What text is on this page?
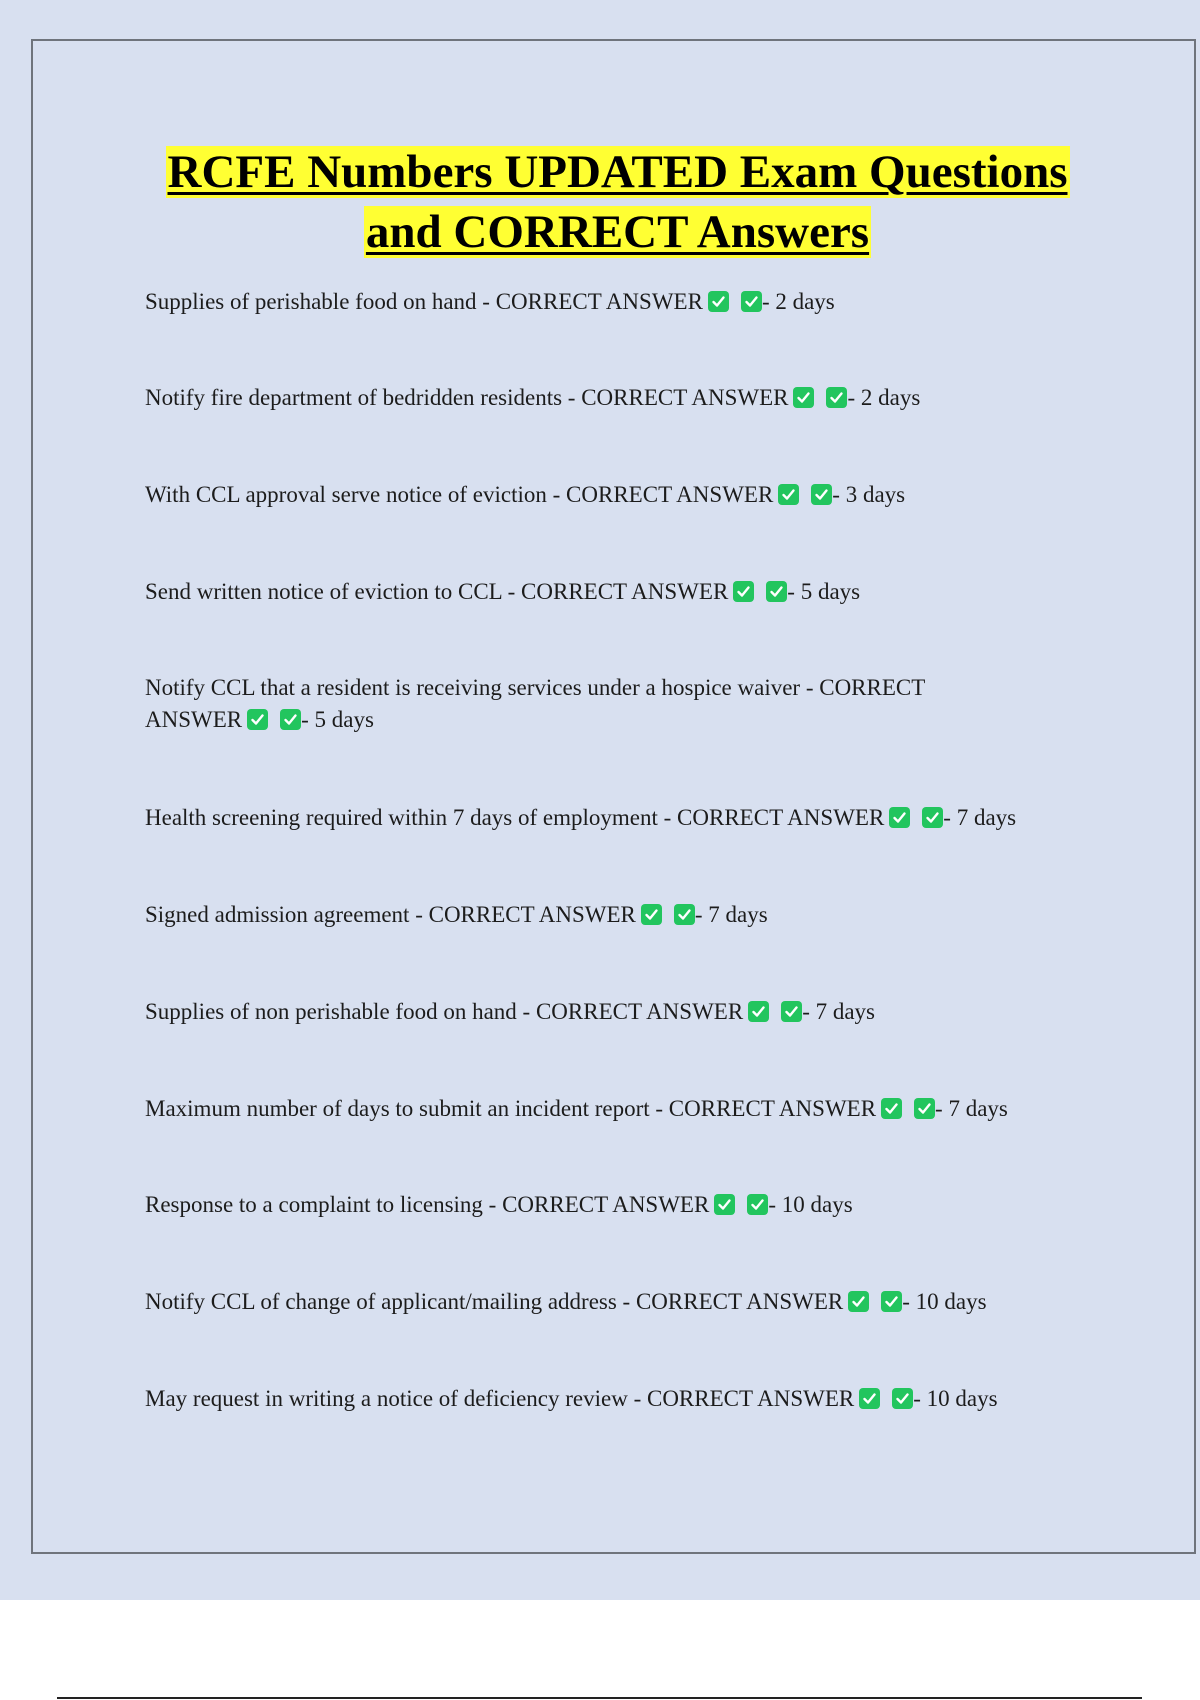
RCFE Numbers UPDATED Exam Questions
and CORRECT Answers
Supplies of perishable food on hand - CORRECT ANSWER	- 2 days
Notify fire department of bedridden residents - CORRECT ANSWER	- 2 days
With CCL approval serve notice of eviction - CORRECT ANSWER	- 3 days
Send written notice of eviction to CCL - CORRECT ANSWER	- 5 days
Notify CCL that a resident is receiving services under a hospice waiver - CORRECT ANSWER	- 5 days
Health screening required within 7 days of employment - CORRECT ANSWER	- 7 days
Signed admission agreement - CORRECT ANSWER	- 7 days
Supplies of non perishable food on hand - CORRECT ANSWER	- 7 days
Maximum number of days to submit an incident report - CORRECT ANSWER	- 7 days
Response to a complaint to licensing - CORRECT ANSWER	- 10 days
Notify CCL of change of applicant/mailing address - CORRECT ANSWER	- 10 days
May request in writing a notice of deficiency review - CORRECT ANSWER	- 10 days
